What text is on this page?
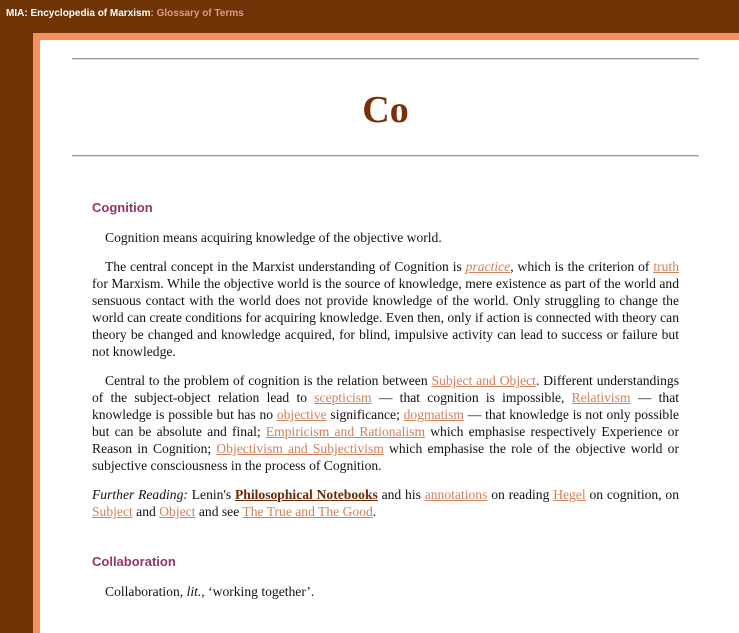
MIA: Encyclopedia of Marxism: Glossary of Terms
Co
Cognition

Cognition means acquiring knowledge of the objective world.

The central concept in the Marxist understanding of Cognition is practice, which is the criterion of truth for Marxism. While the objective world is the source of knowledge, mere existence as part of the world and sensuous contact with the world does not provide knowledge of the world. Only struggling to change the world can create conditions for acquiring knowledge. Even then, only if action is connected with theory can theory be changed and knowledge acquired, for blind, impulsive activity can lead to success or failure but not knowledge.

Central to the problem of cognition is the relation between Subject and Object. Different understandings of the subject-object relation lead to scepticism — that cognition is impossible, Relativism — that knowledge is possible but has no objective significance; dogmatism — that knowledge is not only possible but can be absolute and final; Empiricism and Rationalism which emphasise respectively Experience or Reason in Cognition; Objectivism and Subjectivism which emphasise the role of the objective world or subjective consciousness in the process of Cognition.

Further Reading: Lenin's Philosophical Notebooks and his annotations on reading Hegel on cognition, on Subject and Object and see The True and The Good.

Collaboration

Collaboration, lit., ‘working together’.
